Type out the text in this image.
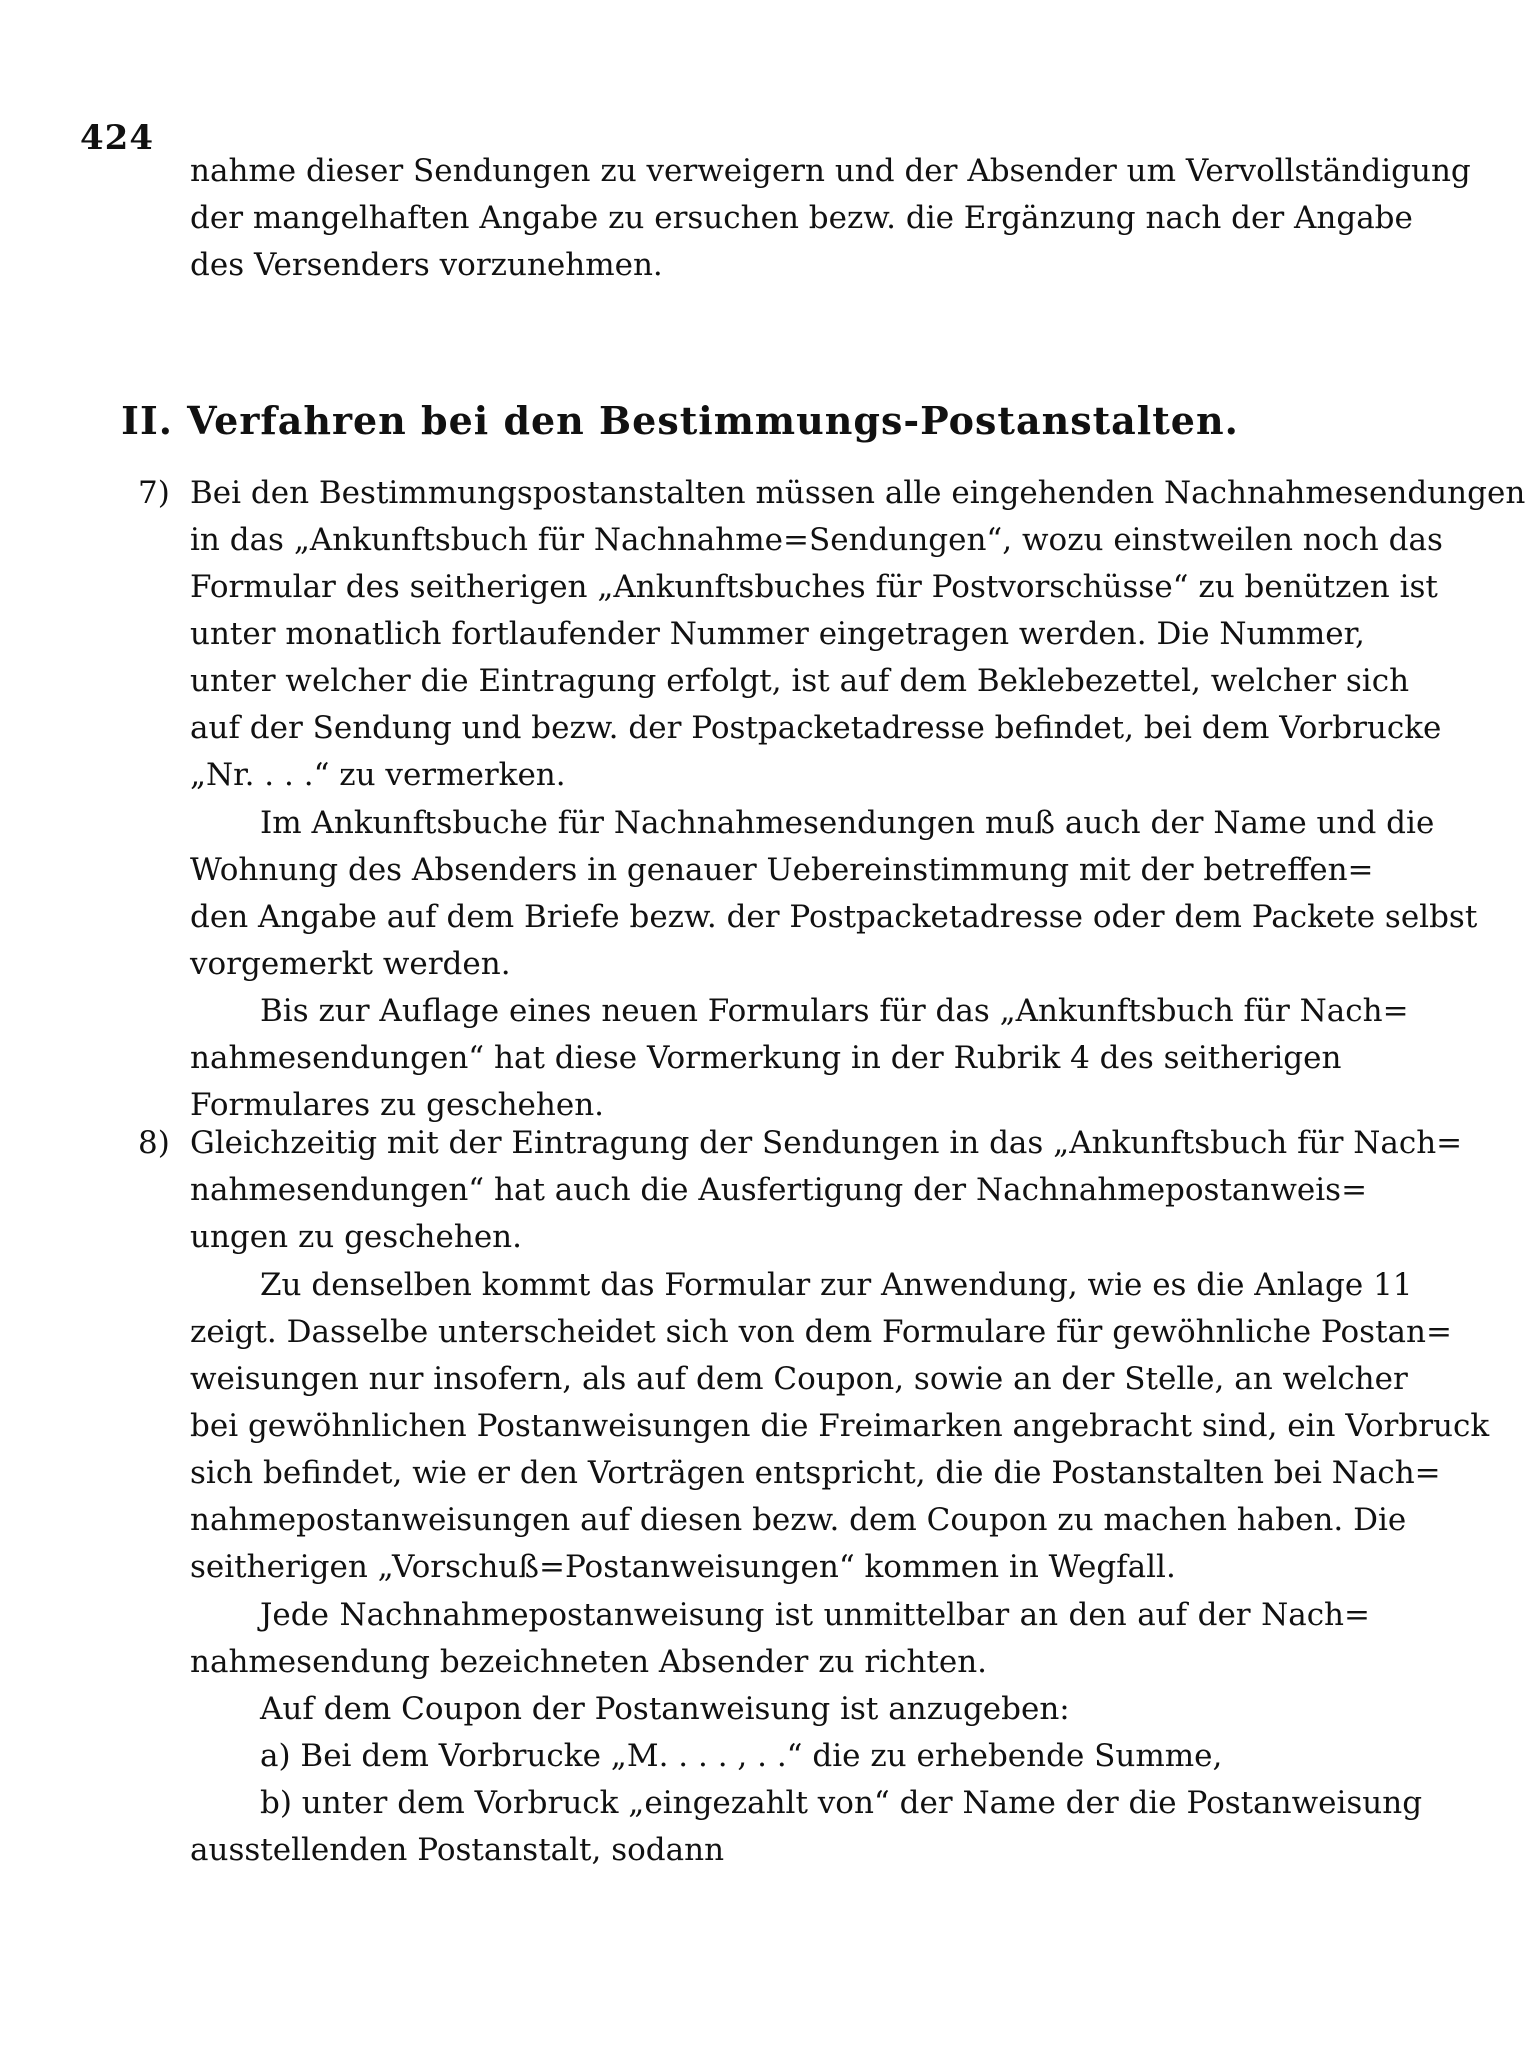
424
nahme dieser Sendungen zu verweigern und der Absender um Vervollständigung
der mangelhaften Angabe zu ersuchen bezw. die Ergänzung nach der Angabe
des Versenders vorzunehmen.
II. Verfahren bei den Bestimmungs-Postanstalten.
7) Bei den Bestimmungspostanstalten müssen alle eingehenden Nachnahmesendungen
in das „Ankunftsbuch für Nachnahme=Sendungen“, wozu einstweilen noch das
Formular des seitherigen „Ankunftsbuches für Postvorschüsse“ zu benützen ist
unter monatlich fortlaufender Nummer eingetragen werden. Die Nummer,
unter welcher die Eintragung erfolgt, ist auf dem Beklebezettel, welcher sich
auf der Sendung und bezw. der Postpacketadresse befindet, bei dem Vorbrucke
„Nr. . . .“ zu vermerken.
Im Ankunftsbuche für Nachnahmesendungen muß auch der Name und die
Wohnung des Absenders in genauer Uebereinstimmung mit der betreffen=
den Angabe auf dem Briefe bezw. der Postpacketadresse oder dem Packete selbst
vorgemerkt werden.
Bis zur Auflage eines neuen Formulars für das „Ankunftsbuch für Nach=
nahmesendungen“ hat diese Vormerkung in der Rubrik 4 des seitherigen
Formulares zu geschehen.
8) Gleichzeitig mit der Eintragung der Sendungen in das „Ankunftsbuch für Nach=
nahmesendungen“ hat auch die Ausfertigung der Nachnahmepostanweis=
ungen zu geschehen.
Zu denselben kommt das Formular zur Anwendung, wie es die Anlage 11
zeigt. Dasselbe unterscheidet sich von dem Formulare für gewöhnliche Postan=
weisungen nur insofern, als auf dem Coupon, sowie an der Stelle, an welcher
bei gewöhnlichen Postanweisungen die Freimarken angebracht sind, ein Vorbruck
sich befindet, wie er den Vorträgen entspricht, die die Postanstalten bei Nach=
nahmepostanweisungen auf diesen bezw. dem Coupon zu machen haben. Die
seitherigen „Vorschuß=Postanweisungen“ kommen in Wegfall.
Jede Nachnahmepostanweisung ist unmittelbar an den auf der Nach=
nahmesendung bezeichneten Absender zu richten.
Auf dem Coupon der Postanweisung ist anzugeben:
a) Bei dem Vorbrucke „M. . . . , . .“ die zu erhebende Summe,
b) unter dem Vorbruck „eingezahlt von“ der Name der die Postanweisung
ausstellenden Postanstalt, sodann
